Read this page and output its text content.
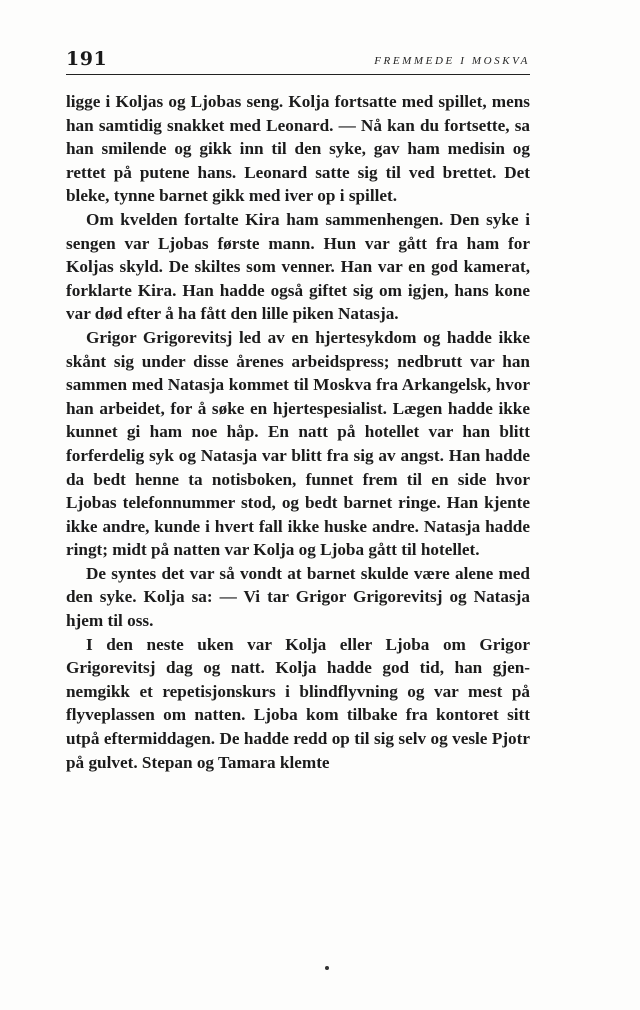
191	FREMMEDE I MOSKVA

ligge i Koljas og Ljobas seng. Kolja fortsatte med spillet, mens han samtidig snakket med Leonard. — Nå kan du fortsette, sa han smilende og gikk inn til den syke, gav ham medisin og rettet på putene hans. Leonard satte sig til ved brettet. Det bleke, tynne barnet gikk med iver op i spillet.

Om kvelden fortalte Kira ham sammenhengen. Den syke i sengen var Ljobas første mann. Hun var gått fra ham for Koljas skyld. De skiltes som venner. Han var en god kamerat, forklarte Kira. Han hadde også giftet sig om igjen, hans kone var død efter å ha fått den lille piken Natasja.

Grigor Grigorevitsj led av en hjertesykdom og hadde ikke skånt sig under disse årenes arbeidspress; nedbrutt var han sammen med Natasja kommet til Moskva fra Arkangelsk, hvor han arbeidet, for å søke en hjertespesialist. Lægen hadde ikke kunnet gi ham noe håp. En natt på hotellet var han blitt forferdelig syk og Natasja var blitt fra sig av angst. Han hadde da bedt henne ta notisboken, funnet frem til en side hvor Ljobas telefonnummer stod, og bedt barnet ringe. Han kjente ikke andre, kunde i hvert fall ikke huske andre. Natasja hadde ringt; midt på natten var Kolja og Ljoba gått til hotellet.

De syntes det var så vondt at barnet skulde være alene med den syke. Kolja sa: — Vi tar Grigor Grigorevitsj og Natasja hjem til oss.

I den neste uken var Kolja eller Ljoba om Grigor Grigorevitsj dag og natt. Kolja hadde god tid, han gjennemgikk et repetisjonskurs i blindflyvning og var mest på flyveplassen om natten. Ljoba kom tilbake fra kontoret sitt utpå eftermiddagen. De hadde redd op til sig selv og vesle Pjotr på gulvet. Stepan og Tamara klemte
